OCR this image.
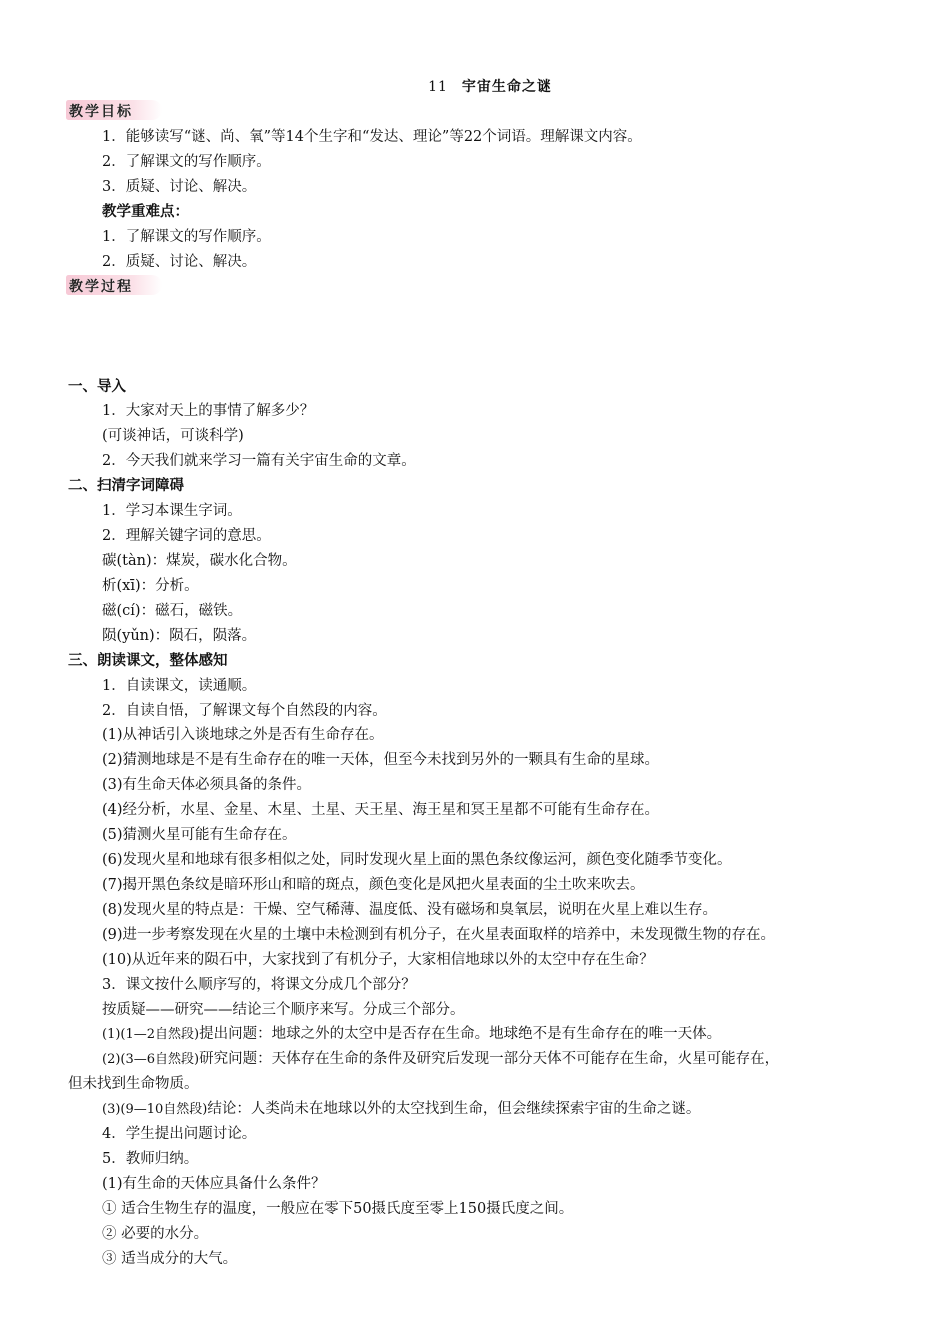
11 宇宙生命之谜
教学目标
1．能够读写“谜、尚、氧”等14个生字和“发达、理论”等22个词语。理解课文内容。
2．了解课文的写作顺序。
3．质疑、讨论、解决。
教学重难点：
1．了解课文的写作顺序。
2．质疑、讨论、解决。
教学过程
一、导入
1．大家对天上的事情了解多少？
(可谈神话，可谈科学)
2．今天我们就来学习一篇有关宇宙生命的文章。
二、扫清字词障碍
1．学习本课生字词。
2．理解关键字词的意思。
碳(tàn)：煤炭，碳水化合物。
析(xī)：分析。
磁(cí)：磁石，磁铁。
陨(yǔn)：陨石，陨落。
三、朗读课文，整体感知
1．自读课文，读通顺。
2．自读自悟，了解课文每个自然段的内容。
(1)从神话引入谈地球之外是否有生命存在。
(2)猜测地球是不是有生命存在的唯一天体，但至今未找到另外的一颗具有生命的星球。
(3)有生命天体必须具备的条件。
(4)经分析，水星、金星、木星、土星、天王星、海王星和冥王星都不可能有生命存在。
(5)猜测火星可能有生命存在。
(6)发现火星和地球有很多相似之处，同时发现火星上面的黑色条纹像运河，颜色变化随季节变化。
(7)揭开黑色条纹是暗环形山和暗的斑点，颜色变化是风把火星表面的尘土吹来吹去。
(8)发现火星的特点是：干燥、空气稀薄、温度低、没有磁场和臭氧层，说明在火星上难以生存。
(9)进一步考察发现在火星的土壤中未检测到有机分子，在火星表面取样的培养中，未发现微生物的存在。
(10)从近年来的陨石中，大家找到了有机分子，大家相信地球以外的太空中存在生命？
3．课文按什么顺序写的，将课文分成几个部分？
按质疑——研究——结论三个顺序来写。分成三个部分。
(1)(1—2自然段)提出问题：地球之外的太空中是否存在生命。地球绝不是有生命存在的唯一天体。
(2)(3—6自然段)研究问题：天体存在生命的条件及研究后发现一部分天体不可能存在生命，火星可能存在，
但未找到生命物质。
(3)(9—10自然段)结论：人类尚未在地球以外的太空找到生命，但会继续探索宇宙的生命之谜。
4．学生提出问题讨论。
5．教师归纳。
(1)有生命的天体应具备什么条件？
① 适合生物生存的温度，一般应在零下50摄氏度至零上150摄氏度之间。
② 必要的水分。
③ 适当成分的大气。
